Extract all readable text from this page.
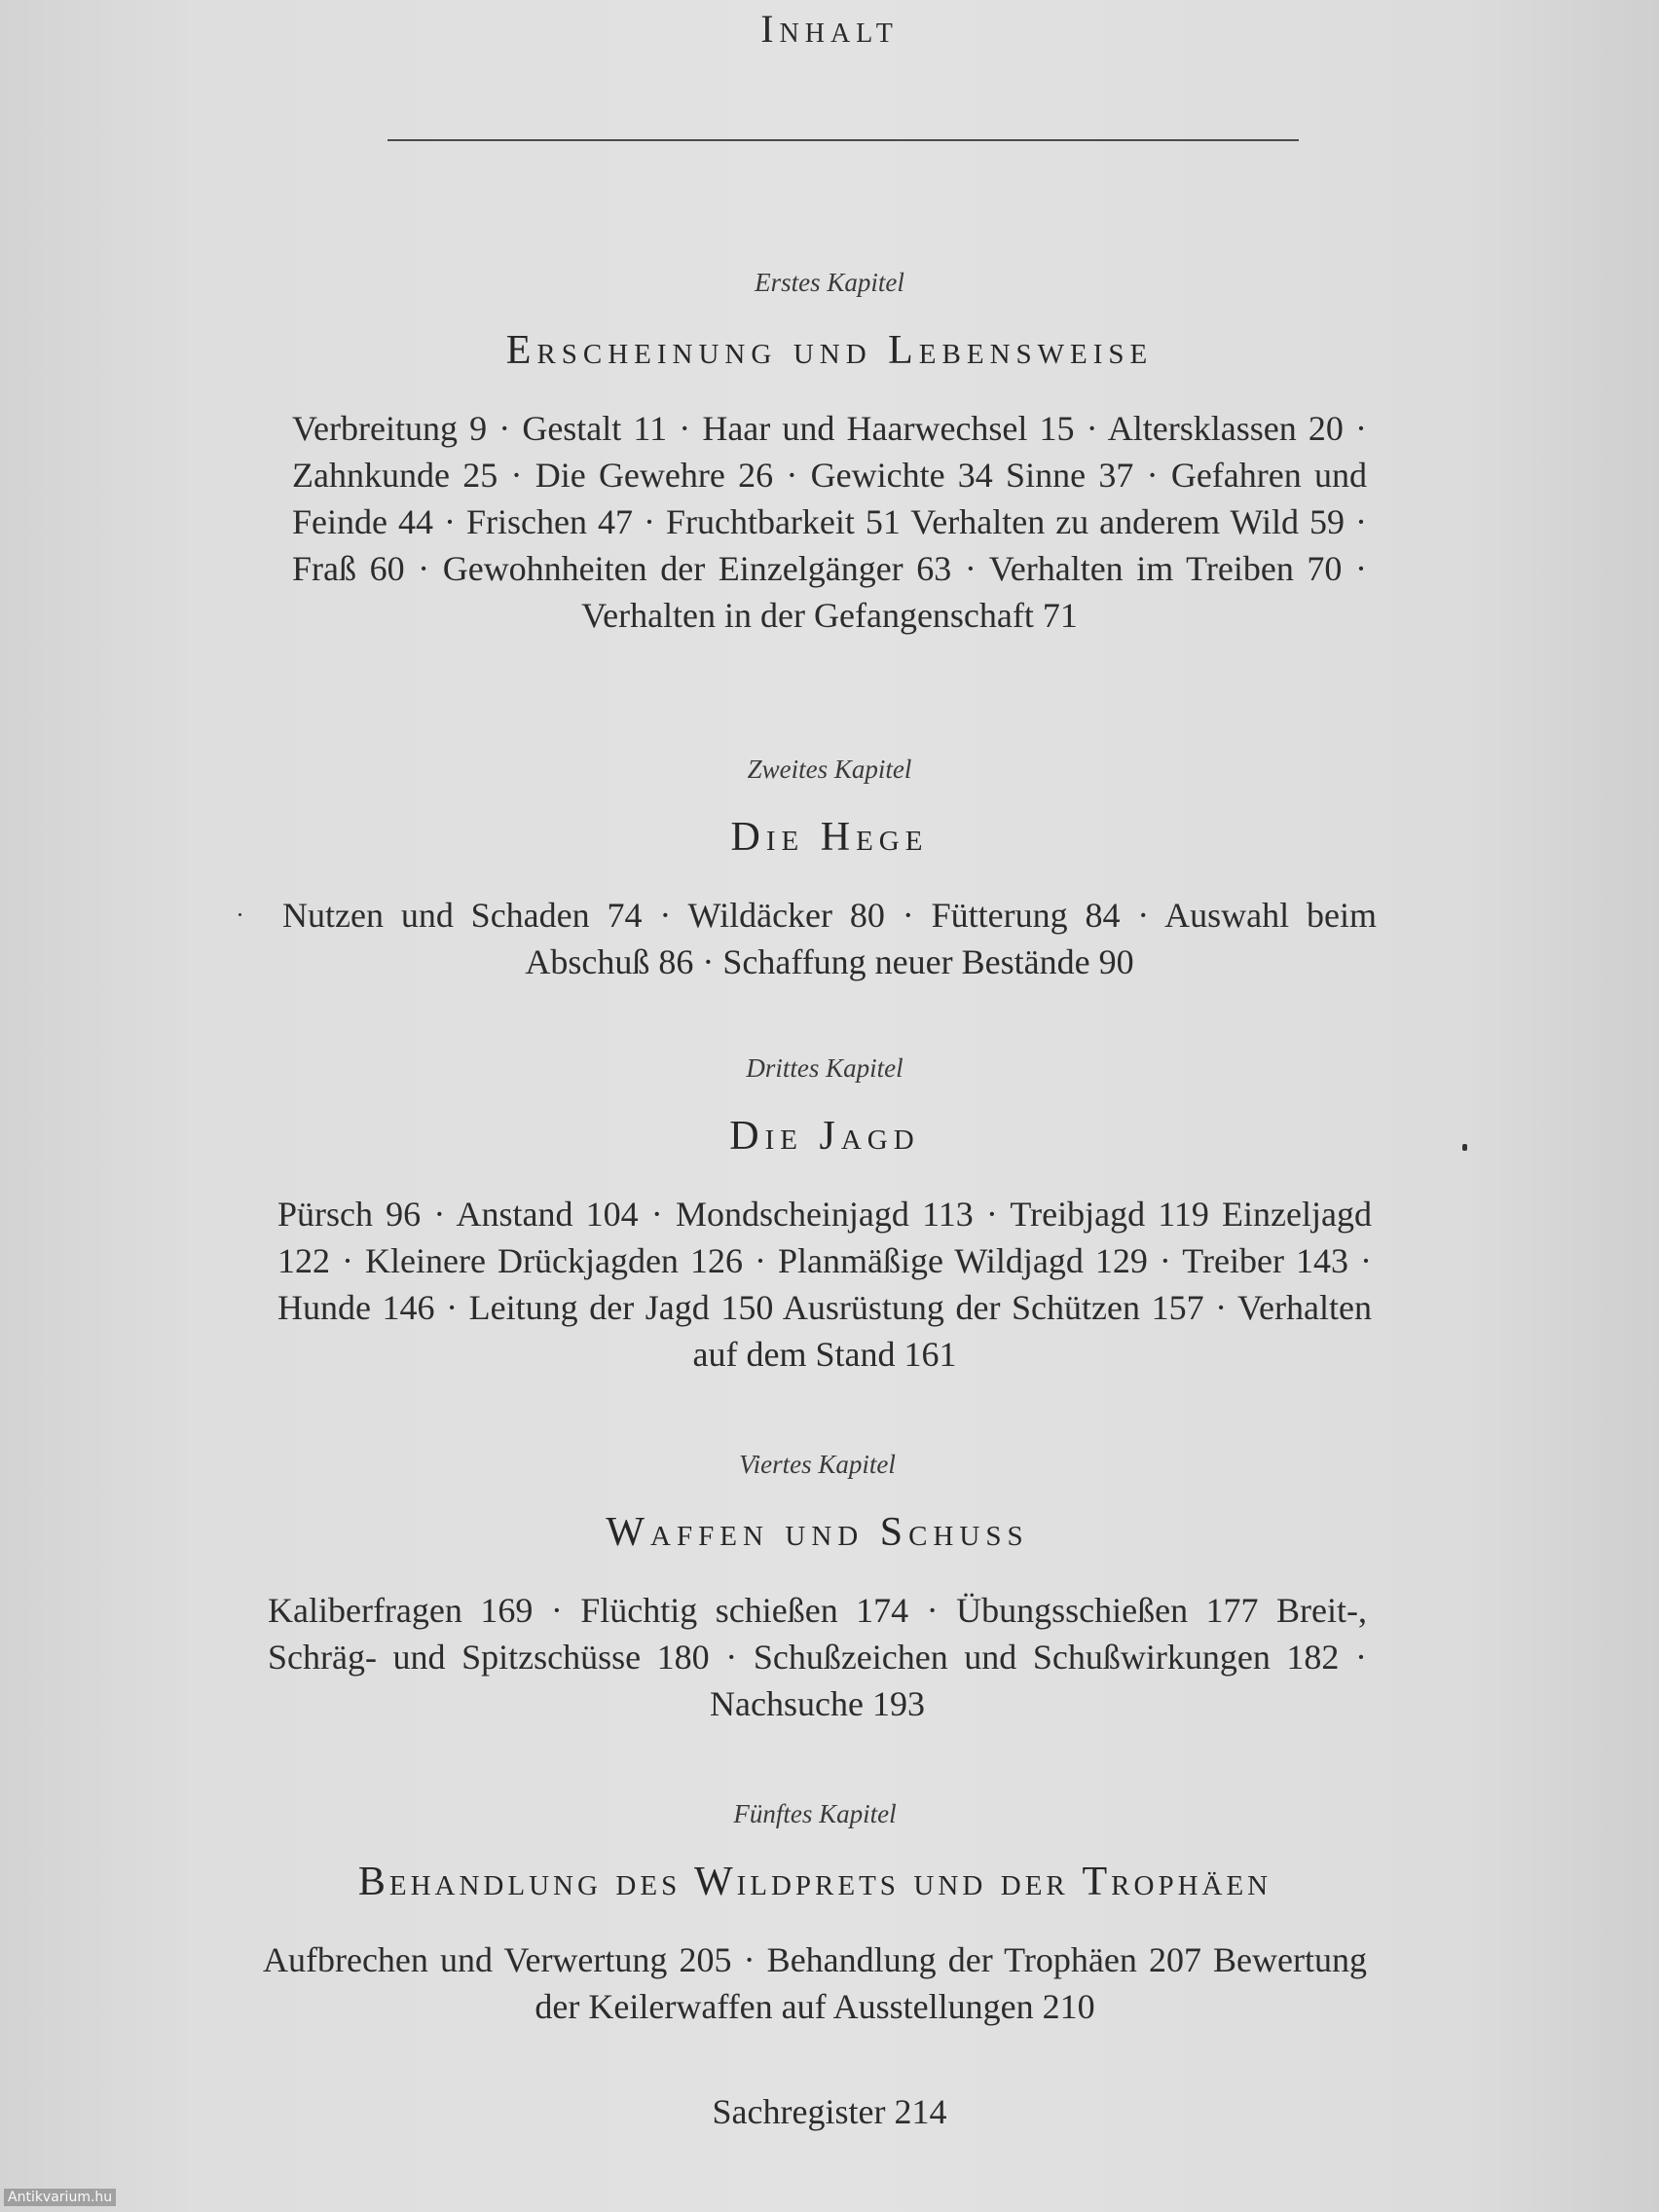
Inhalt
Erstes Kapitel
Erscheinung und Lebensweise
Verbreitung 9 · Gestalt 11 · Haar und Haarwechsel 15 · Altersklassen 20 · Zahnkunde 25 · Die Gewehre 26 · Gewichte 34 Sinne 37 · Gefahren und Feinde 44 · Frischen 47 · Fruchtbarkeit 51 Verhalten zu anderem Wild 59 · Fraß 60 · Gewohnheiten der Einzelgänger 63 · Verhalten im Treiben 70 · Verhalten in der Gefangenschaft 71
Zweites Kapitel
Die Hege
Nutzen und Schaden 74 · Wildäcker 80 · Fütterung 84 · Auswahl beim Abschuß 86 · Schaffung neuer Bestände 90
Drittes Kapitel
Die Jagd
Pürsch 96 · Anstand 104 · Mondscheinjagd 113 · Treibjagd 119 Einzeljagd 122 · Kleinere Drückjagden 126 · Planmäßige Wildjagd 129 · Treiber 143 · Hunde 146 · Leitung der Jagd 150 Ausrüstung der Schützen 157 · Verhalten auf dem Stand 161
Viertes Kapitel
Waffen und Schuss
Kaliberfragen 169 · Flüchtig schießen 174 · Übungsschießen 177 Breit-, Schräg- und Spitzschüsse 180 · Schußzeichen und Schußwirkungen 182 · Nachsuche 193
Fünftes Kapitel
Behandlung des Wildprets und der Trophäen
Aufbrechen und Verwertung 205 · Behandlung der Trophäen 207 Bewertung der Keilerwaffen auf Ausstellungen 210
Sachregister 214
Antikvarium.hu
